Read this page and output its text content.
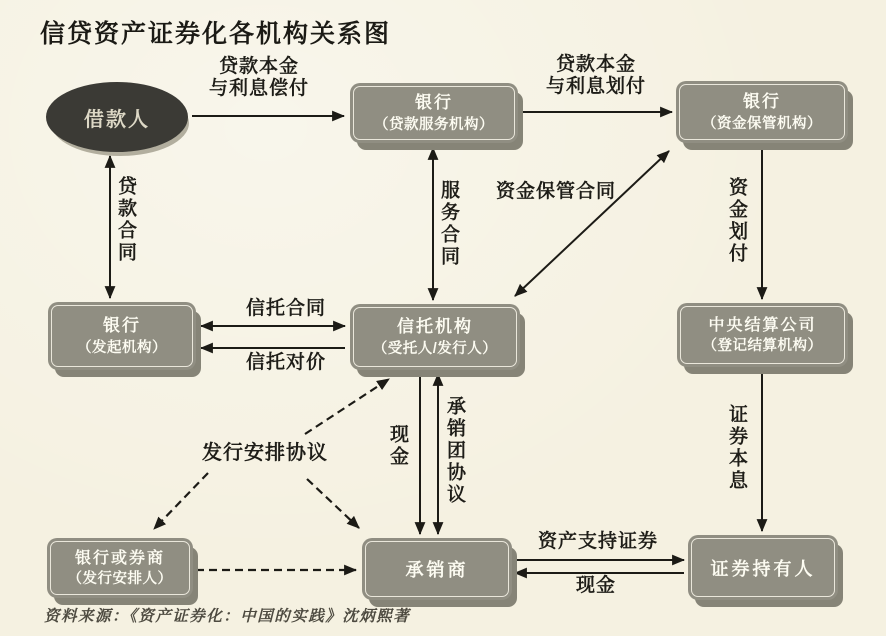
信贷资产证券化各机构关系图
借款人
银行
（贷款服务机构）
银行
（资金保管机构）
银行
（发起机构）
信托机构
（受托人/发行人）
中央结算公司
（登记结算机构）
银行或券商
（发行安排人）	承销商	证券持有人
贷款本金
与利息偿付
贷款本金
与利息划付
贷款合同	服务合同	资金保管合同	资金划付
信托合同
信托对价
现金 承销团协议	证券本息
发行安排协议
资产支持证券
现金
资料来源：《资产证券化：中国的实践》沈炳熙著
